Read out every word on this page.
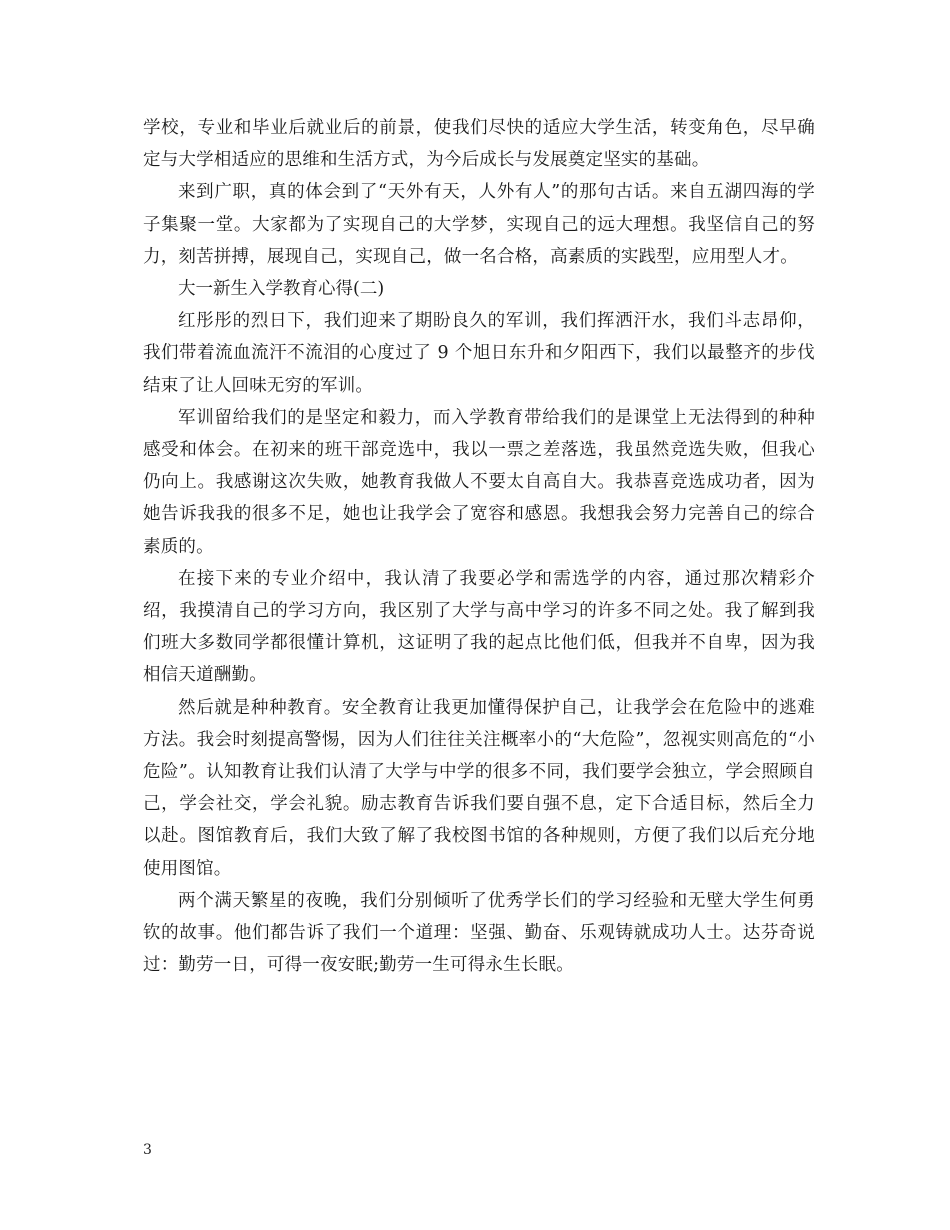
学校，专业和毕业后就业后的前景，使我们尽快的适应大学生活，转变角色，尽早确定与大学相适应的思维和生活方式，为今后成长与发展奠定坚实的基础。

来到广职，真的体会到了“天外有天，人外有人”的那句古话。来自五湖四海的学子集聚一堂。大家都为了实现自己的大学梦，实现自己的远大理想。我坚信自己的努力，刻苦拼搏，展现自己，实现自己，做一名合格，高素质的实践型，应用型人才。

大一新生入学教育心得(二)

红彤彤的烈日下，我们迎来了期盼良久的军训，我们挥洒汗水，我们斗志昂仰，我们带着流血流汗不流泪的心度过了 9 个旭日东升和夕阳西下，我们以最整齐的步伐结束了让人回味无穷的军训。

军训留给我们的是坚定和毅力，而入学教育带给我们的是课堂上无法得到的种种感受和体会。在初来的班干部竞选中，我以一票之差落选，我虽然竞选失败，但我心仍向上。我感谢这次失败，她教育我做人不要太自高自大。我恭喜竞选成功者，因为她告诉我我的很多不足，她也让我学会了宽容和感恩。我想我会努力完善自己的综合素质的。

在接下来的专业介绍中，我认清了我要必学和需选学的内容，通过那次精彩介绍，我摸清自己的学习方向，我区别了大学与高中学习的许多不同之处。我了解到我们班大多数同学都很懂计算机，这证明了我的起点比他们低，但我并不自卑，因为我相信天道酬勤。

然后就是种种教育。安全教育让我更加懂得保护自己，让我学会在危险中的逃难方法。我会时刻提高警惕，因为人们往往关注概率小的“大危险”，忽视实则高危的“小危险”。认知教育让我们认清了大学与中学的很多不同，我们要学会独立，学会照顾自己，学会社交，学会礼貌。励志教育告诉我们要自强不息，定下合适目标，然后全力以赴。图馆教育后，我们大致了解了我校图书馆的各种规则，方便了我们以后充分地使用图馆。

两个满天繁星的夜晚，我们分别倾听了优秀学长们的学习经验和无壁大学生何勇钦的故事。他们都告诉了我们一个道理：坚强、勤奋、乐观铸就成功人士。达芬奇说过：勤劳一日，可得一夜安眠;勤劳一生可得永生长眠。

3
